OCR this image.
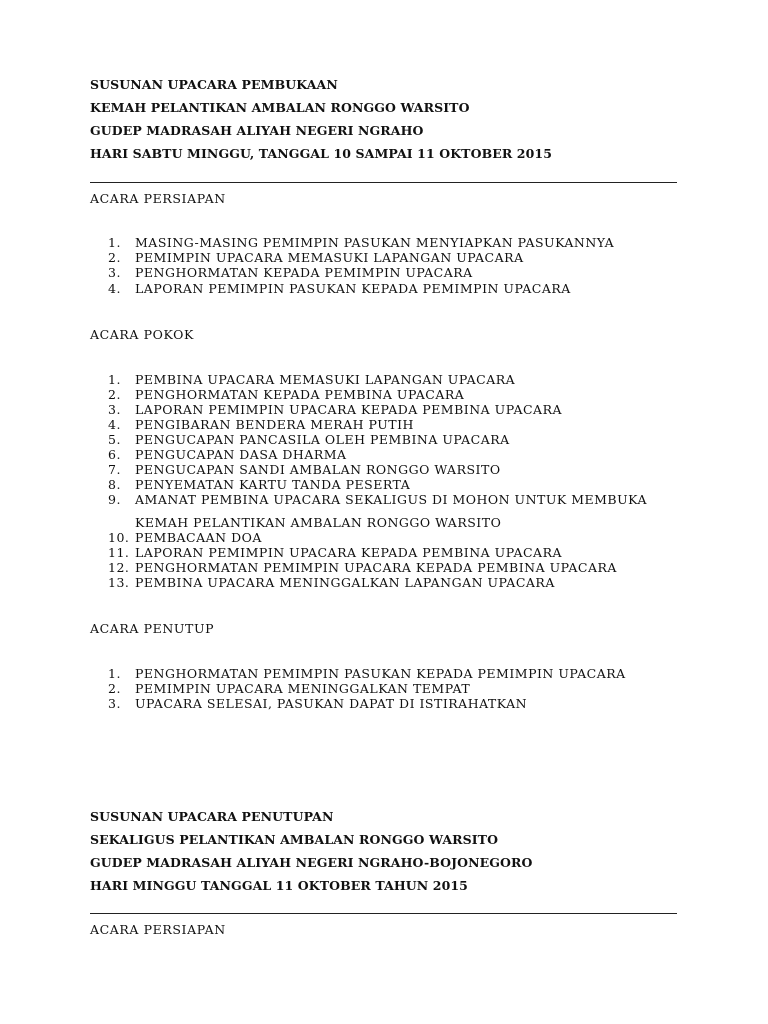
SUSUNAN UPACARA PEMBUKAAN
KEMAH PELANTIKAN AMBALAN RONGGO WARSITO
GUDEP MADRASAH ALIYAH NEGERI NGRAHO
HARI SABTU MINGGU, TANGGAL 10 SAMPAI 11 OKTOBER 2015
ACARA PERSIAPAN
1.	MASING-MASING PEMIMPIN PASUKAN MENYIAPKAN PASUKANNYA
2.	PEMIMPIN UPACARA MEMASUKI LAPANGAN UPACARA
3.	PENGHORMATAN KEPADA PEMIMPIN UPACARA
4.	LAPORAN PEMIMPIN PASUKAN KEPADA PEMIMPIN UPACARA
ACARA POKOK
1.	PEMBINA UPACARA MEMASUKI LAPANGAN UPACARA
2.	PENGHORMATAN KEPADA PEMBINA UPACARA
3.	LAPORAN PEMIMPIN UPACARA KEPADA PEMBINA UPACARA
4.	PENGIBARAN BENDERA MERAH PUTIH
5.	PENGUCAPAN PANCASILA OLEH PEMBINA UPACARA
6.	PENGUCAPAN DASA DHARMA
7.	PENGUCAPAN SANDI AMBALAN RONGGO WARSITO
8.	PENYEMATAN KARTU TANDA PESERTA
9.	AMANAT PEMBINA UPACARA SEKALIGUS DI MOHON UNTUK MEMBUKA
KEMAH PELANTIKAN AMBALAN RONGGO WARSITO
10. PEMBACAAN DOA
11. LAPORAN PEMIMPIN UPACARA KEPADA PEMBINA UPACARA
12. PENGHORMATAN PEMIMPIN UPACARA KEPADA PEMBINA UPACARA
13. PEMBINA UPACARA MENINGGALKAN LAPANGAN UPACARA
ACARA PENUTUP
1.	PENGHORMATAN PEMIMPIN PASUKAN KEPADA PEMIMPIN UPACARA
2.	PEMIMPIN UPACARA MENINGGALKAN TEMPAT
3.	UPACARA SELESAI, PASUKAN DAPAT DI ISTIRAHATKAN
SUSUNAN UPACARA PENUTUPAN
SEKALIGUS PELANTIKAN AMBALAN RONGGO WARSITO
GUDEP MADRASAH ALIYAH NEGERI NGRAHO-BOJONEGORO
HARI MINGGU TANGGAL 11 OKTOBER TAHUN 2015
ACARA PERSIAPAN
